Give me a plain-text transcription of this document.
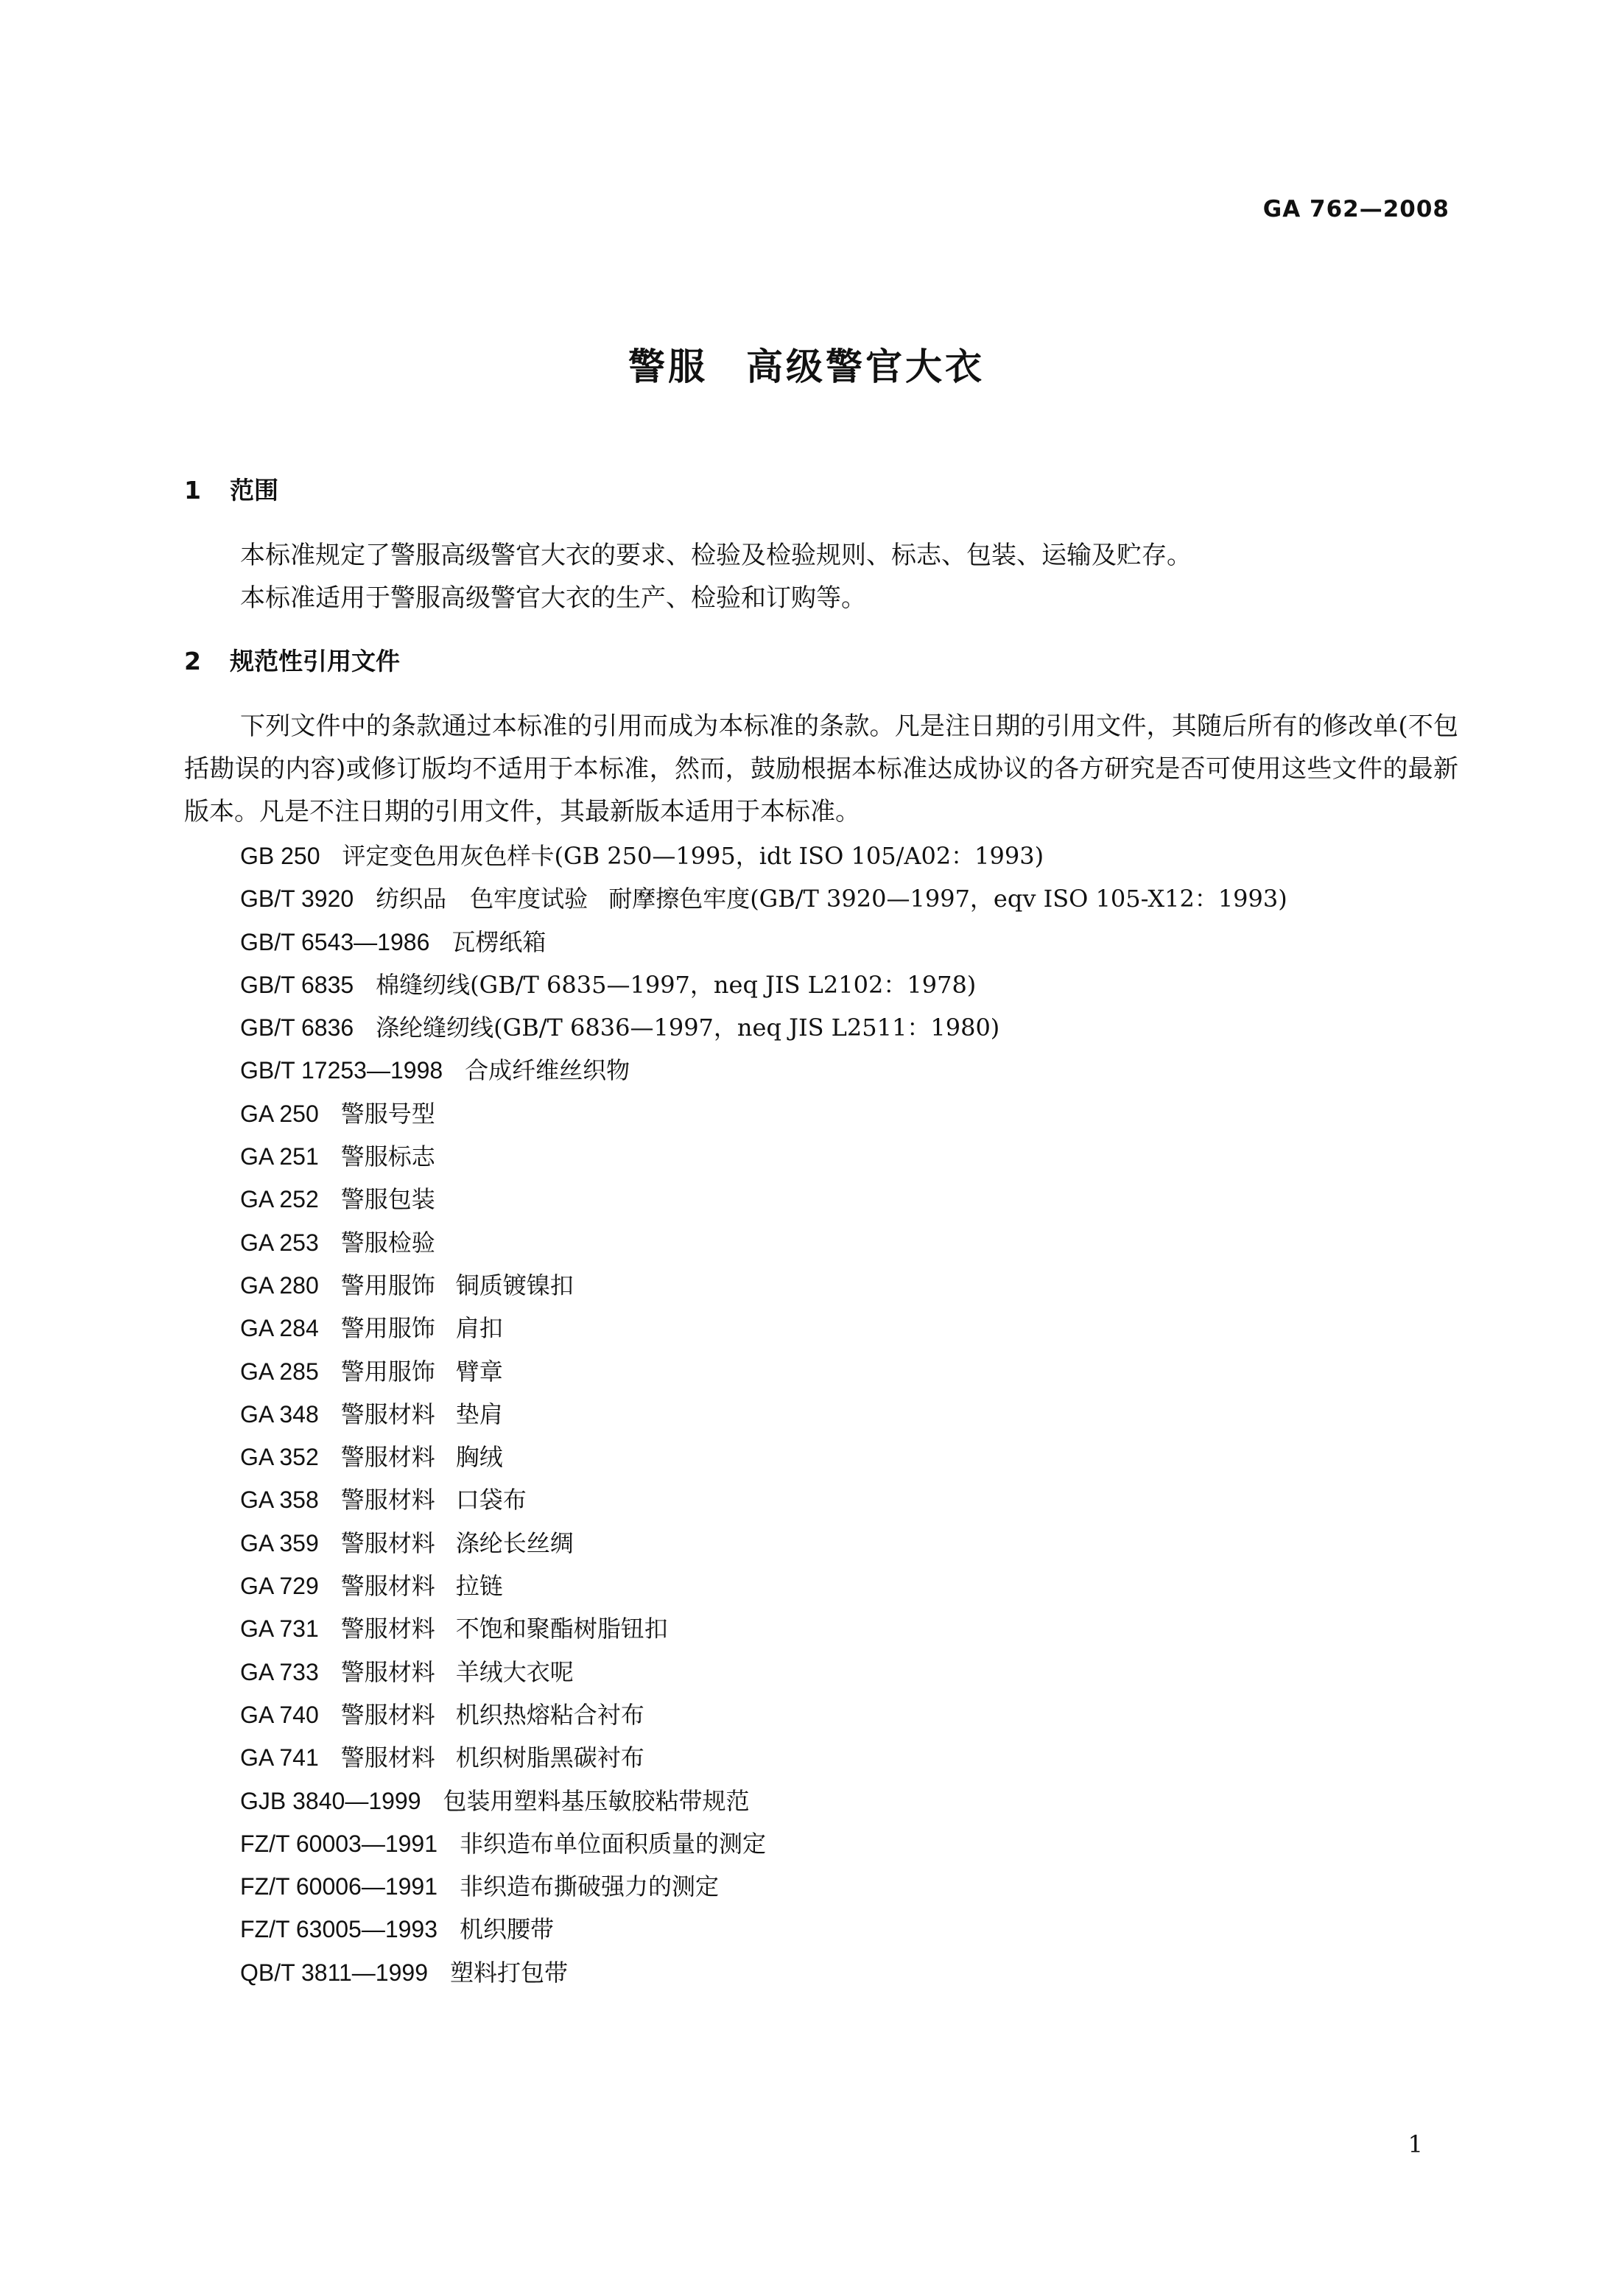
GA 762—2008
警服 高级警官大衣
1 范围

本标准规定了警服高级警官大衣的要求、检验及检验规则、标志、包装、运输及贮存。

本标准适用于警服高级警官大衣的生产、检验和订购等。

2 规范性引用文件

下列文件中的条款通过本标准的引用而成为本标准的条款。凡是注日期的引用文件，其随后所有的修改单(不包括勘误的内容)或修订版均不适用于本标准，然而，鼓励根据本标准达成协议的各方研究是否可使用这些文件的最新版本。凡是不注日期的引用文件，其最新版本适用于本标准。

GB 250 评定变色用灰色样卡(GB 250—1995，idt ISO 105/A02：1993)
GB/T 3920 纺织品　色牢度试验 耐摩擦色牢度(GB/T 3920—1997，eqv ISO 105-X12：1993)
GB/T 6543—1986 瓦楞纸箱
GB/T 6835 棉缝纫线(GB/T 6835—1997，neq JIS L2102：1978)
GB/T 6836 涤纶缝纫线(GB/T 6836—1997，neq JIS L2511：1980)
GB/T 17253—1998 合成纤维丝织物
GA 250 警服号型
GA 251 警服标志
GA 252 警服包装
GA 253 警服检验
GA 280 警用服饰 铜质镀镍扣
GA 284 警用服饰 肩扣
GA 285 警用服饰 臂章
GA 348 警服材料 垫肩
GA 352 警服材料 胸绒
GA 358 警服材料 口袋布
GA 359 警服材料 涤纶长丝绸
GA 729 警服材料 拉链
GA 731 警服材料 不饱和聚酯树脂钮扣
GA 733 警服材料 羊绒大衣呢
GA 740 警服材料 机织热熔粘合衬布
GA 741 警服材料 机织树脂黑碳衬布
GJB 3840—1999 包装用塑料基压敏胶粘带规范
FZ/T 60003—1991 非织造布单位面积质量的测定
FZ/T 60006—1991 非织造布撕破强力的测定
FZ/T 63005—1993 机织腰带
QB/T 3811—1999 塑料打包带
1
